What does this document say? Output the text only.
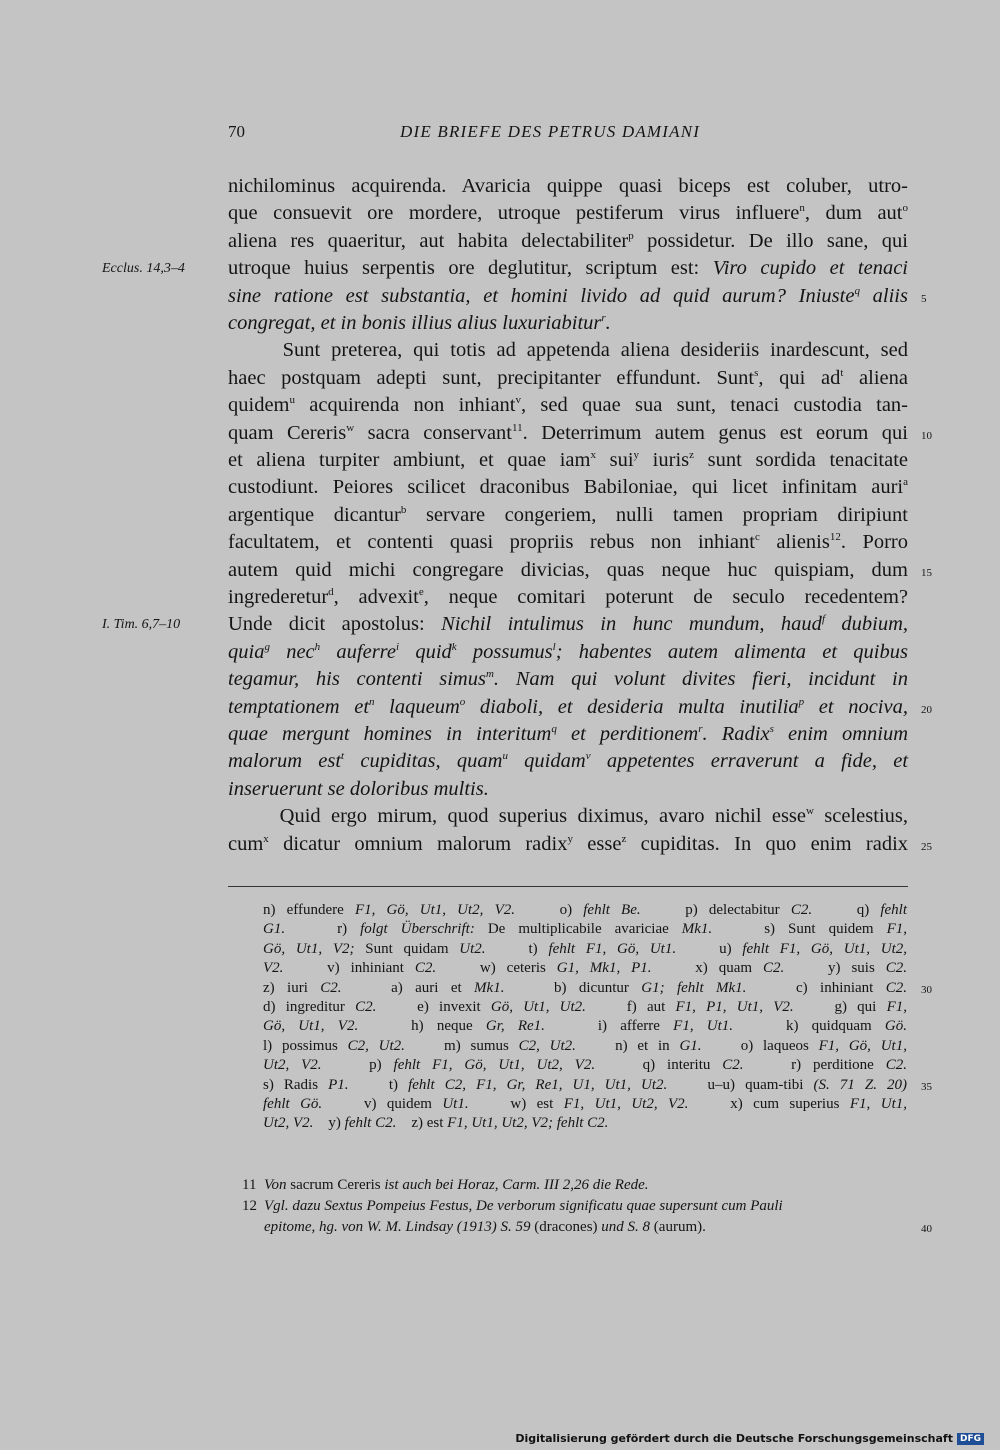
70	DIE BRIEFE DES PETRUS DAMIANI
nichilominus acquirenda. Avaricia quippe quasi biceps est coluber, utro-
que consuevit ore mordere, utroque pestiferum virus influere$^n$, dum aut$^o$
aliena res quaeritur, aut habita delectabiliter$^p$ possidetur. De illo sane, qui
utroque huius serpentis ore deglutitur, scriptum est: Viro cupido et tenaci
sine ratione est substantia, et homini livido ad quid aurum? Iniuste$^q$ aliis
congregat, et in bonis illius alius luxuriabitur$^r$.
Sunt preterea, qui totis ad appetenda aliena desideriis inardescunt, sed
haec postquam adepti sunt, precipitanter effundunt. Sunt$^s$, qui $ad^t$ aliena
quidem$^u$ acquirenda non inhiant$^v$, sed quae sua sunt, tenaci custodia tan-
quam Cereris$^w$ sacra conservant$^{11}$. Deterrimum autem genus est eorum qui
et aliena turpiter ambiunt, et quae iam$^x$ sui$^y$ iuris$^z$ sunt sordida tenacitate
custodiunt. Peiores scilicet draconibus Babiloniae, qui licet infinitam auri$^a$
argentique dicantur$^b$ servare congeriem, nulli tamen propriam diripiunt
facultatem, et contenti quasi propriis rebus non inhiant$^c$ alienis$^{12}$. Porro
autem quid michi congregare divicias, quas neque huc quispiam, dum
ingrederetur$^d$, advexit$^e$, neque comitari poterunt de seculo recedentem?
Unde dicit apostolus: Nichil intulimus in hunc mundum, haud$^f$ dubium,
quia$^g$ nec$^h$ auferre$^i$ quid$^k$ possumus$^l$; habentes autem alimenta et quibus
tegamur, his contenti simus$^m$. Nam qui volunt divites fieri, incidunt in
temptationem $et^n$ laqueum$^o$ diaboli, et desideria multa inutilia$^p$ et nociva,
quae mergunt homines in interitum$^q$ et perditionem$^r$. Radix$^s$ enim omnium
malorum est$^t$ cupiditas, quam$^u$ quidam$^v$ appetentes erraverunt a fide, et
inseruerunt se doloribus multis.
Quid ergo mirum, quod superius diximus, avaro nichil esse$^w$ scelestius,
cum$^x$ dicatur omnium malorum radix$^y$ esse$^z$ cupiditas. In quo enim radix
Ecclus. 14,3–4
I. Tim. 6,7–10
5
10
15
20
25
n) effundere F1, Gö, Ut1, Ut2, V2.    o) fehlt Be.    p) delectabitur C2.    q) fehlt
G1.    r) folgt Überschrift: De multiplicabile avariciae Mk1.    s) Sunt quidem F1,
Gö, Ut1, V2; Sunt quidam Ut2.    t) fehlt F1, Gö, Ut1.    u) fehlt F1, Gö, Ut1, Ut2,
V2.    v) inhiniant C2.    w) ceteris G1, Mk1, P1.    x) quam C2.    y) suis C2.
z) iuri C2.    a) auri et Mk1.    b) dicuntur G1; fehlt Mk1.    c) inhiniant C2.
d) ingreditur C2.    e) invexit Gö, Ut1, Ut2.    f) aut F1, P1, Ut1, V2.    g) qui F1,
Gö, Ut1, V2.    h) neque Gr, Re1.    i) afferre F1, Ut1.    k) quidquam Gö.
l) possimus C2, Ut2.    m) sumus C2, Ut2.    n) et in G1.    o) laqueos F1, Gö, Ut1,
Ut2, V2.    p) fehlt F1, Gö, Ut1, Ut2, V2.    q) interitu C2.    r) perditione C2.
s) Radis P1.    t) fehlt C2, F1, Gr, Re1, U1, Ut1, Ut2.    u–u) quam-tibi (S. 71 Z. 20)
fehlt Gö.    v) quidem Ut1.    w) est F1, Ut1, Ut2, V2.    x) cum superius F1, Ut1,
Ut2, V2.    y) fehlt C2.    z) est F1, Ut1, Ut2, V2; fehlt C2.
30
35
11 Von sacrum Cereris ist auch bei Horaz, Carm. III 2,26 die Rede.
12 Vgl. dazu Sextus Pompeius Festus, De verborum significatu quae supersunt cum Pauli
epitome, hg. von W. M. Lindsay (1913) S. 59 (dracones) und S. 8 (aurum).	40
Digitalisierung gefördert durch die Deutsche Forschungsgemeinschaft DFG
